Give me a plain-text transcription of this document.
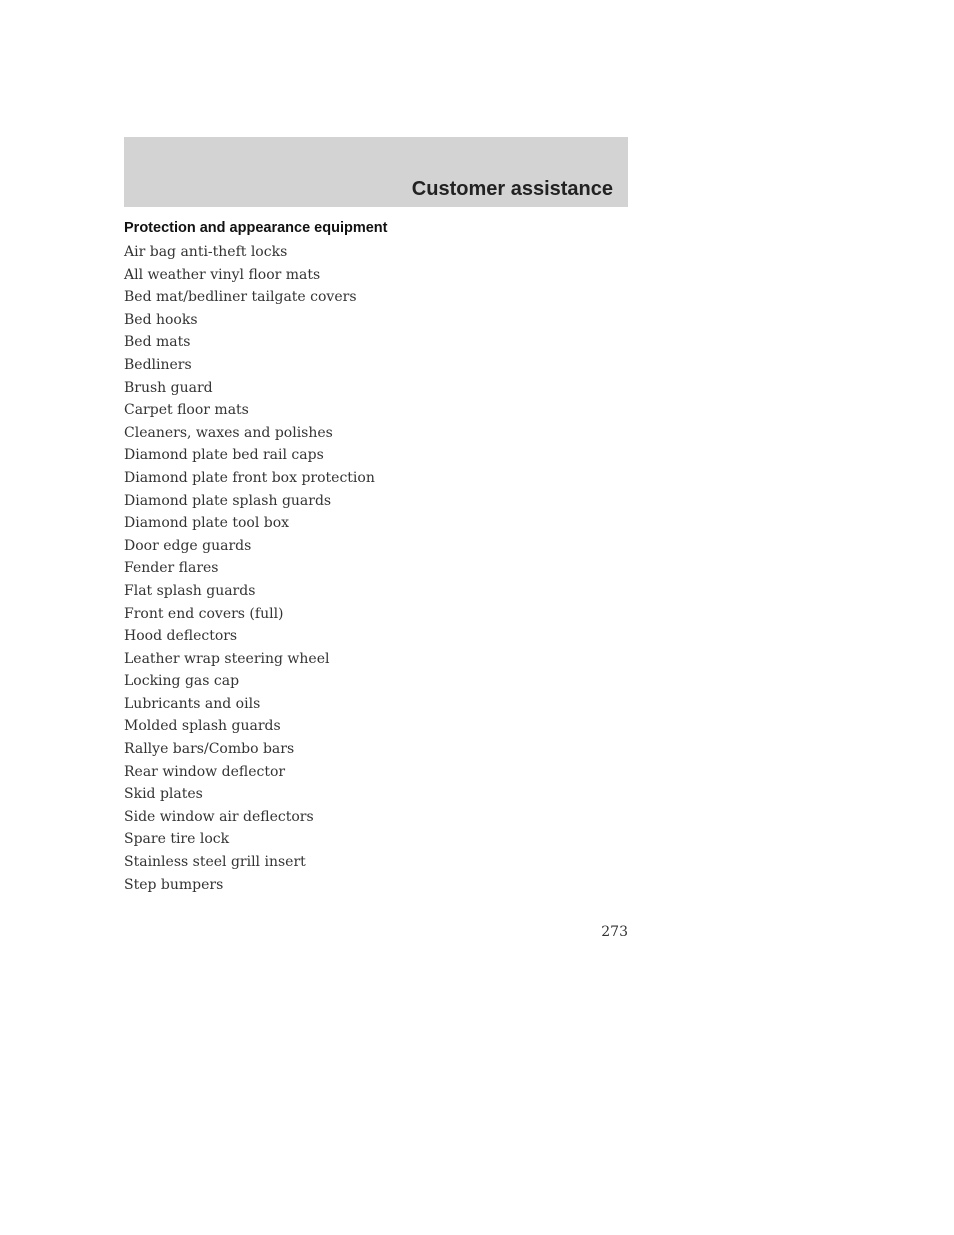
Customer assistance
Protection and appearance equipment
Air bag anti-theft locks
All weather vinyl floor mats
Bed mat/bedliner tailgate covers
Bed hooks
Bed mats
Bedliners
Brush guard
Carpet floor mats
Cleaners, waxes and polishes
Diamond plate bed rail caps
Diamond plate front box protection
Diamond plate splash guards
Diamond plate tool box
Door edge guards
Fender flares
Flat splash guards
Front end covers (full)
Hood deflectors
Leather wrap steering wheel
Locking gas cap
Lubricants and oils
Molded splash guards
Rallye bars/Combo bars
Rear window deflector
Skid plates
Side window air deflectors
Spare tire lock
Stainless steel grill insert
Step bumpers
273
